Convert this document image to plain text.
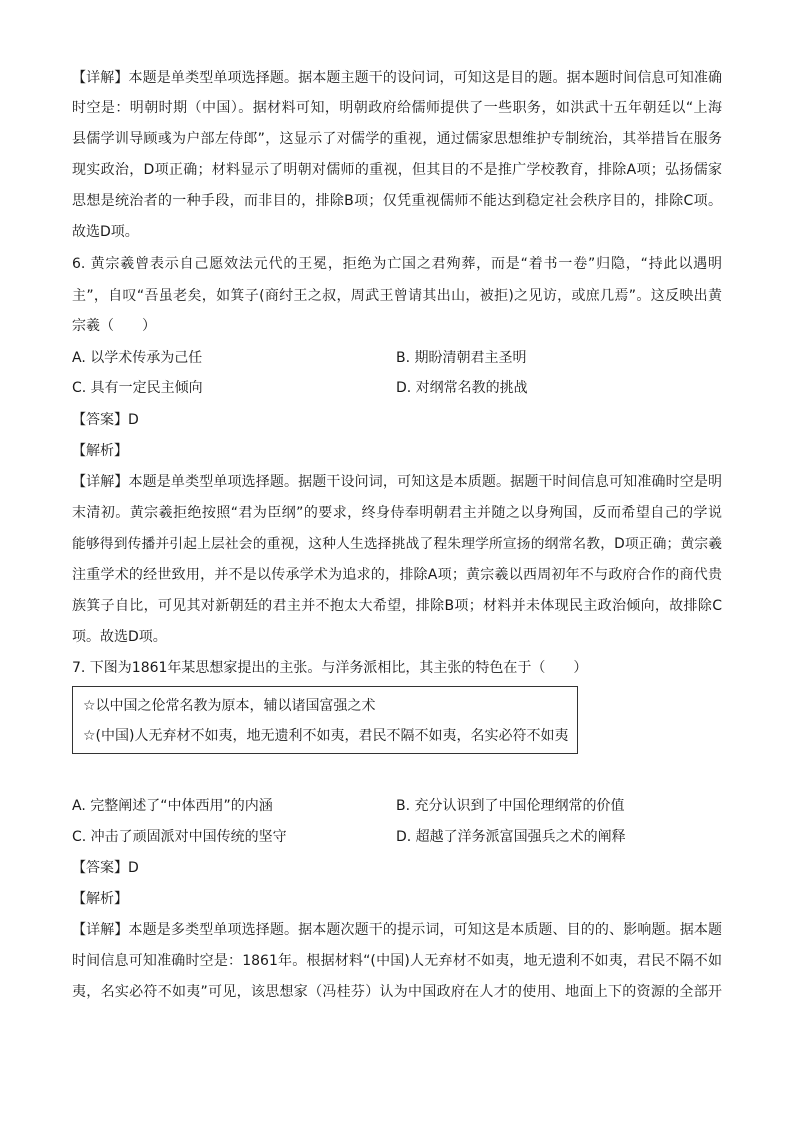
【详解】本题是单类型单项选择题。据本题主题干的设问词，可知这是目的题。据本题时间信息可知准确
时空是：明朝时期（中国）。据材料可知，明朝政府给儒师提供了一些职务，如洪武十五年朝廷以“上海
县儒学训导顾彧为户部左侍郎”，这显示了对儒学的重视，通过儒家思想维护专制统治，其举措旨在服务
现实政治，D项正确；材料显示了明朝对儒师的重视，但其目的不是推广学校教育，排除A项；弘扬儒家
思想是统治者的一种手段，而非目的，排除B项；仅凭重视儒师不能达到稳定社会秩序目的，排除C项。
故选D项。
6. 黄宗羲曾表示自己愿效法元代的王冕，拒绝为亡国之君殉葬，而是“着书一卷”归隐，“持此以遇明
主”，自叹“吾虽老矣，如箕子(商纣王之叔，周武王曾请其出山，被拒)之见访，或庶几焉”。这反映出黄
宗羲（　　）
A. 以学术传承为己任	B. 期盼清朝君主圣明
C. 具有一定民主倾向	D. 对纲常名教的挑战
【答案】D
【解析】
【详解】本题是单类型单项选择题。据题干设问词，可知这是本质题。据题干时间信息可知准确时空是明
末清初。黄宗羲拒绝按照“君为臣纲”的要求，终身侍奉明朝君主并随之以身殉国，反而希望自己的学说
能够得到传播并引起上层社会的重视，这种人生选择挑战了程朱理学所宣扬的纲常名教，D项正确；黄宗羲
注重学术的经世致用，并不是以传承学术为追求的，排除A项；黄宗羲以西周初年不与政府合作的商代贵
族箕子自比，可见其对新朝廷的君主并不抱太大希望，排除B项；材料并未体现民主政治倾向，故排除C
项。故选D项。
7. 下图为1861年某思想家提出的主张。与洋务派相比，其主张的特色在于（　　）
☆以中国之伦常名教为原本，辅以诸国富强之术
☆(中国)人无弃材不如夷，地无遗利不如夷，君民不隔不如夷，名实必符不如夷
A. 完整阐述了“中体西用”的内涵	B. 充分认识到了中国伦理纲常的价值
C. 冲击了顽固派对中国传统的坚守	D. 超越了洋务派富国强兵之术的阐释
【答案】D
【解析】
【详解】本题是多类型单项选择题。据本题次题干的提示词，可知这是本质题、目的的、影响题。据本题
时间信息可知准确时空是：1861年。根据材料“(中国)人无弃材不如夷，地无遗利不如夷，君民不隔不如
夷，名实必符不如夷”可见，该思想家（冯桂芬）认为中国政府在人才的使用、地面上下的资源的全部开
